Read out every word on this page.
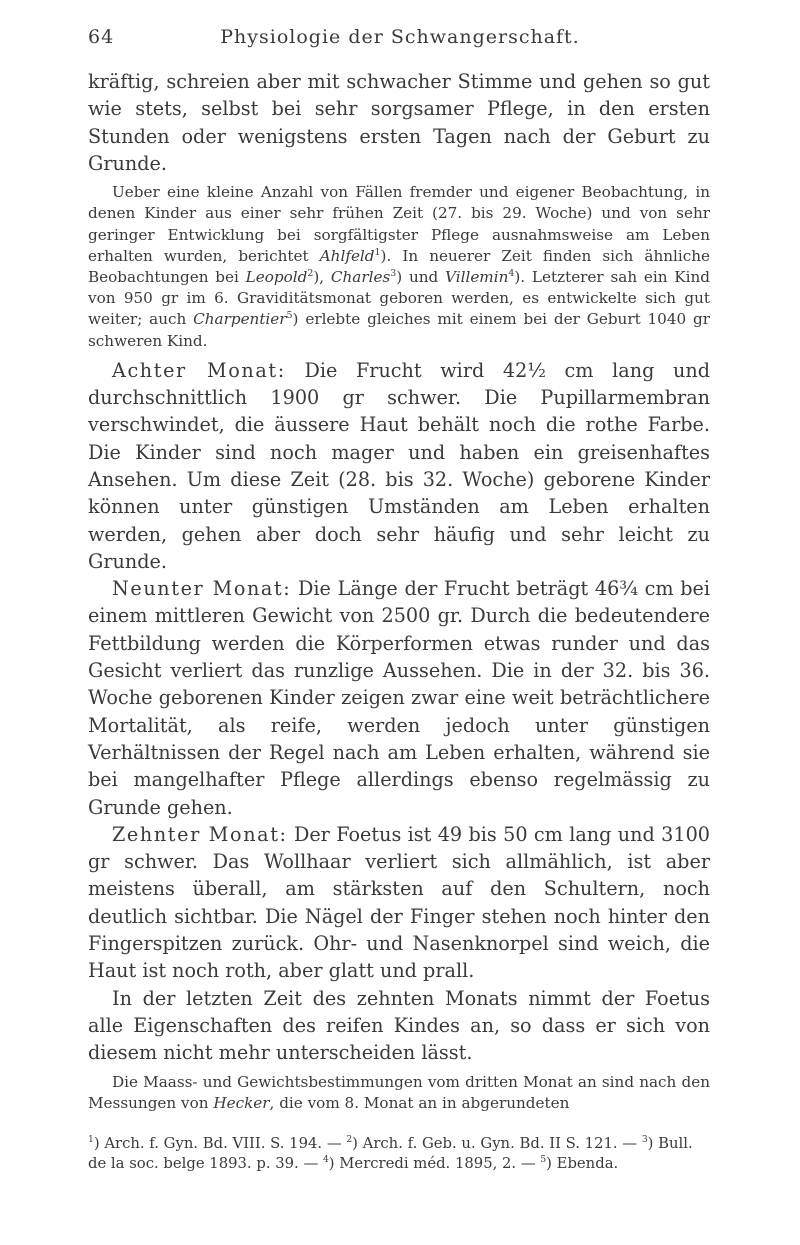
64	Physiologie der Schwangerschaft.

kräftig, schreien aber mit schwacher Stimme und gehen so gut wie stets, selbst bei sehr sorgsamer Pflege, in den ersten Stunden oder wenigstens ersten Tagen nach der Geburt zu Grunde.

Ueber eine kleine Anzahl von Fällen fremder und eigener Beobachtung, in denen Kinder aus einer sehr frühen Zeit (27. bis 29. Woche) und von sehr geringer Entwicklung bei sorgfältigster Pflege ausnahmsweise am Leben erhalten wurden, berichtet Ahlfeld$^1$). In neuerer Zeit finden sich ähnliche Beobachtungen bei Leopold$^2$), Charles$^3$) und Villemin$^4$). Letzterer sah ein Kind von 950 gr im 6. Graviditätsmonat geboren werden, es entwickelte sich gut weiter; auch Charpentier$^5$) erlebte gleiches mit einem bei der Geburt 1040 gr schweren Kind.

Achter Monat: Die Frucht wird 42½ cm lang und durchschnittlich 1900 gr schwer. Die Pupillarmembran verschwindet, die äussere Haut behält noch die rothe Farbe. Die Kinder sind noch mager und haben ein greisenhaftes Ansehen. Um diese Zeit (28. bis 32. Woche) geborene Kinder können unter günstigen Umständen am Leben erhalten werden, gehen aber doch sehr häufig und sehr leicht zu Grunde.

Neunter Monat: Die Länge der Frucht beträgt 46¾ cm bei einem mittleren Gewicht von 2500 gr. Durch die bedeutendere Fettbildung werden die Körperformen etwas runder und das Gesicht verliert das runzlige Aussehen. Die in der 32. bis 36. Woche geborenen Kinder zeigen zwar eine weit beträchtlichere Mortalität, als reife, werden jedoch unter günstigen Verhältnissen der Regel nach am Leben erhalten, während sie bei mangelhafter Pflege allerdings ebenso regelmässig zu Grunde gehen.

Zehnter Monat: Der Foetus ist 49 bis 50 cm lang und 3100 gr schwer. Das Wollhaar verliert sich allmählich, ist aber meistens überall, am stärksten auf den Schultern, noch deutlich sichtbar. Die Nägel der Finger stehen noch hinter den Fingerspitzen zurück. Ohr- und Nasenknorpel sind weich, die Haut ist noch roth, aber glatt und prall.

In der letzten Zeit des zehnten Monats nimmt der Foetus alle Eigenschaften des reifen Kindes an, so dass er sich von diesem nicht mehr unterscheiden lässt.

Die Maass- und Gewichtsbestimmungen vom dritten Monat an sind nach den Messungen von Hecker, die vom 8. Monat an in abgerundeten

$^1$) Arch. f. Gyn. Bd. VIII. S. 194. — $^2$) Arch. f. Geb. u. Gyn. Bd. II S. 121. — $^3$) Bull. de la soc. belge 1893. p. 39. — $^4$) Mercredi méd. 1895, 2. — $^5$) Ebenda.
